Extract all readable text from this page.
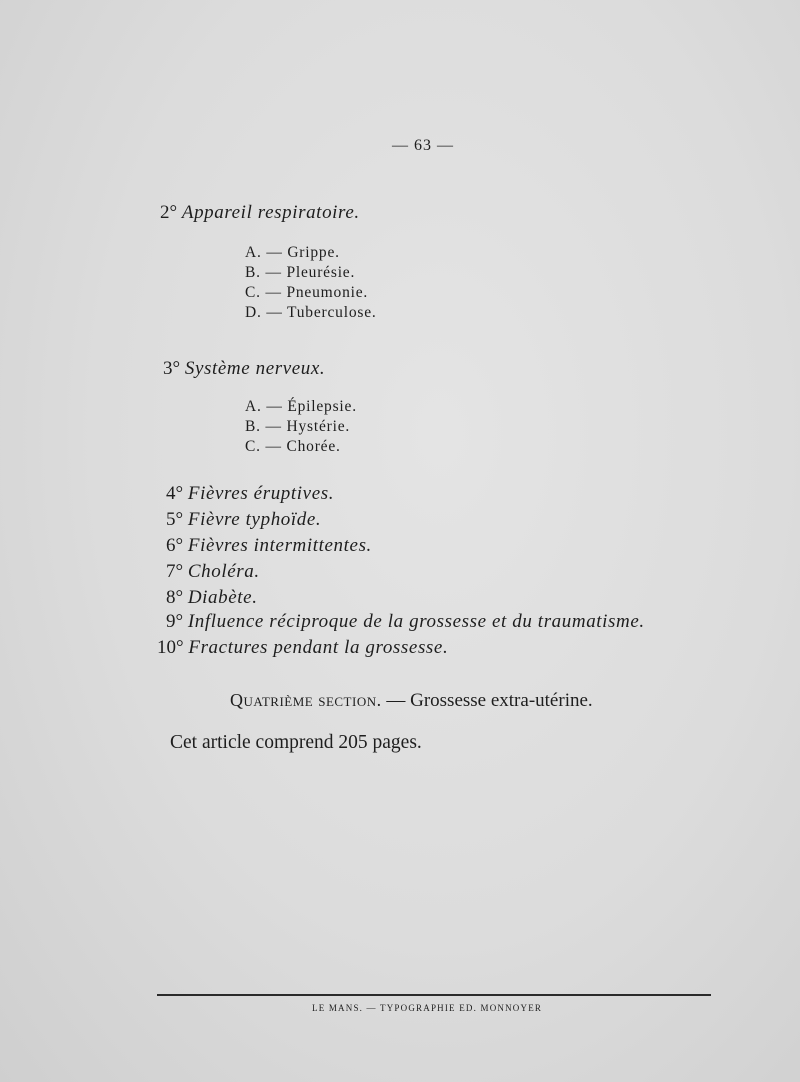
— 63 —
2° Appareil respiratoire.
A. — Grippe.
B. — Pleurésie.
C. — Pneumonie.
D. — Tuberculose.
3° Système nerveux.
A. — Épilepsie.
B. — Hystérie.
C. — Chorée.
4° Fièvres éruptives.
5° Fièvre typhoïde.
6° Fièvres intermittentes.
7° Choléra.
8° Diabète.
9° Influence réciproque de la grossesse et du traumatisme.
10° Fractures pendant la grossesse.
Quatrième section. — Grossesse extra-utérine.
Cet article comprend 205 pages.
LE MANS. — TYPOGRAPHIE ED. MONNOYER
